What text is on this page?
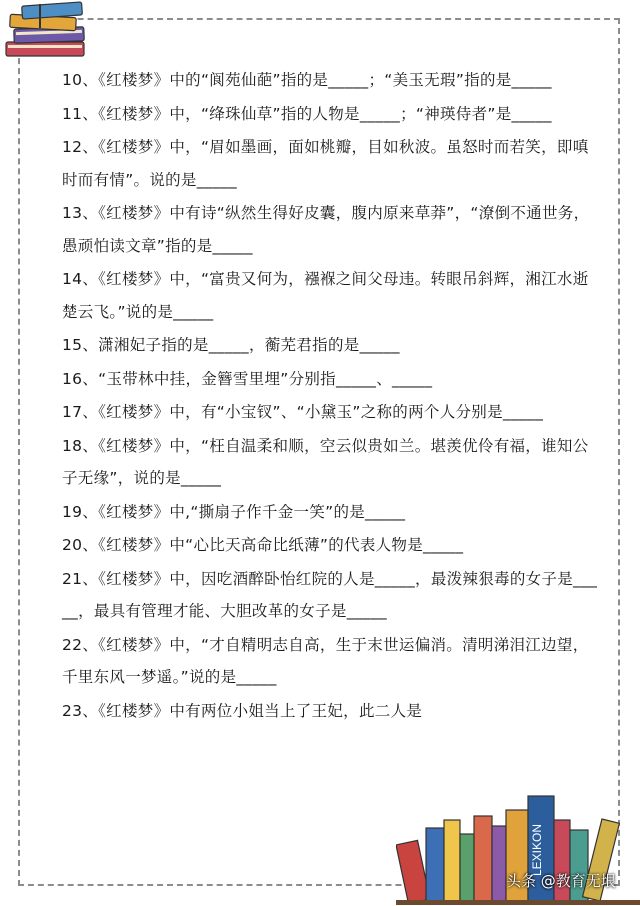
10、《红楼梦》中的“阆苑仙葩”指的是_____；“美玉无瑕”指的是_____

11、《红楼梦》中，“绛珠仙草”指的人物是_____；“神瑛侍者”是_____

12、《红楼梦》中，“眉如墨画，面如桃瓣，目如秋波。虽怒时而若笑，即嗔时而有情”。说的是_____

13、《红楼梦》中有诗“纵然生得好皮囊，腹内原来草莽”，“潦倒不通世务，愚顽怕读文章”指的是_____

14、《红楼梦》中，“富贵又何为，襁褓之间父母违。转眼吊斜辉，湘江水逝楚云飞。”说的是_____

15、潇湘妃子指的是_____，蘅芜君指的是_____

16、“玉带林中挂，金簪雪里埋”分别指_____、_____

17、《红楼梦》中，有“小宝钗”、“小黛玉”之称的两个人分别是_____

18、《红楼梦》中，“枉自温柔和顺，空云似贵如兰。堪羡优伶有福，谁知公子无缘”，说的是_____

19、《红楼梦》中,“撕扇子作千金一笑”的是_____

20、《红楼梦》中“心比天高命比纸薄”的代表人物是_____

21、《红楼梦》中，因吃酒醉卧怡红院的人是_____，最泼辣狠毒的女子是_____，最具有管理才能、大胆改革的女子是_____

22、《红楼梦》中，“才自精明志自高，生于末世运偏消。清明涕泪江边望，千里东风一梦遥。”说的是_____

23、《红楼梦》中有两位小姐当上了王妃，此二人是

LEXIKON
头条 @教育无垠
